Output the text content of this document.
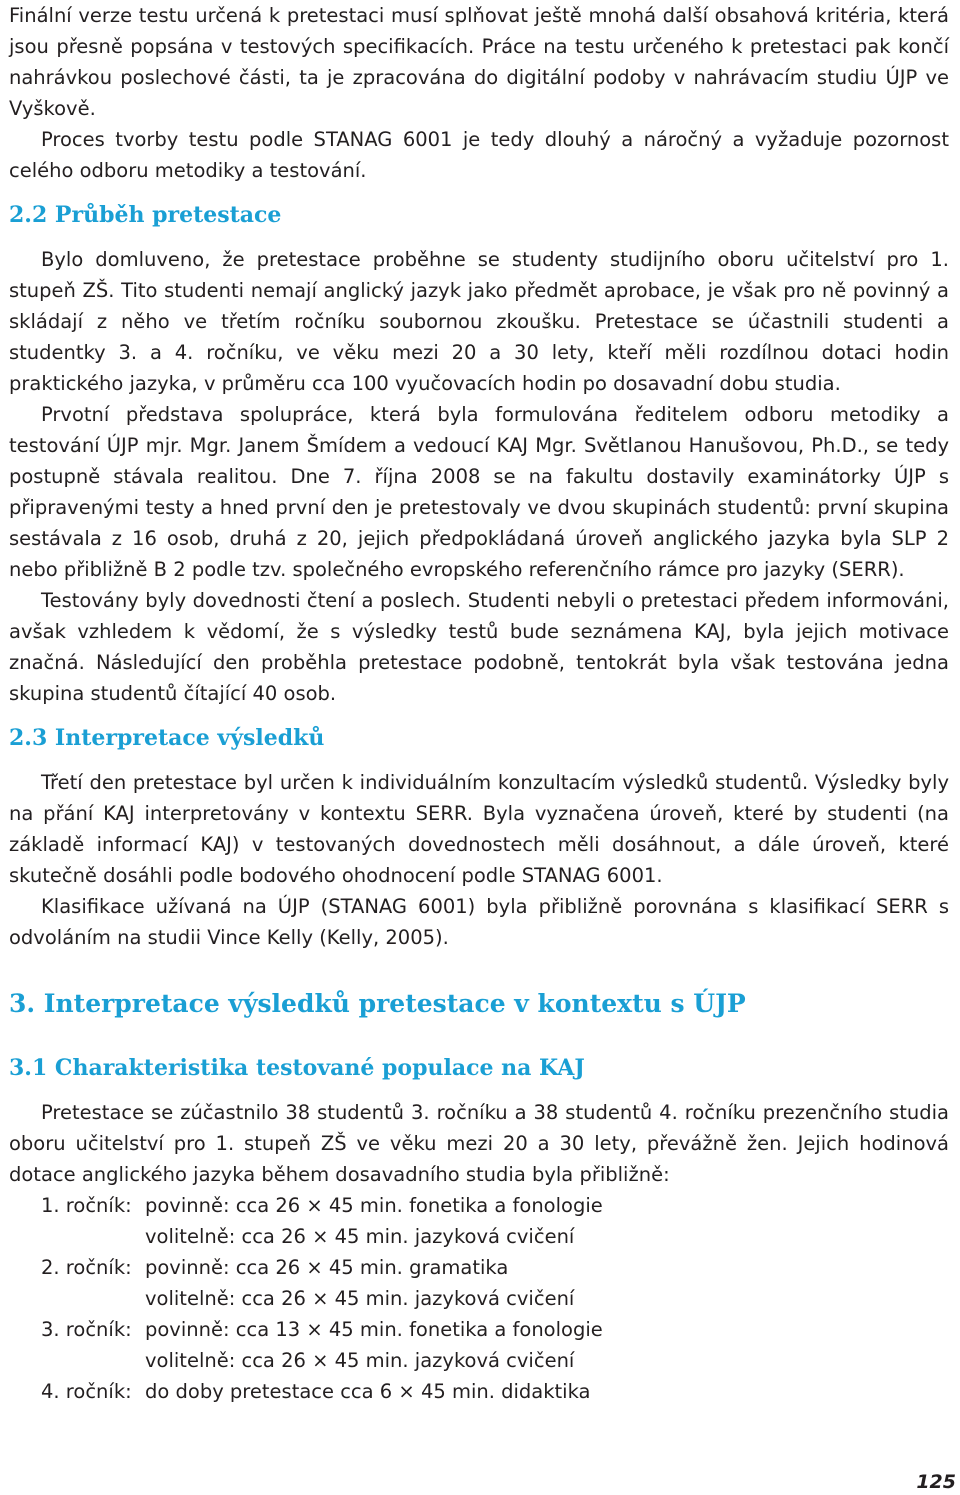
Finální verze testu určená k pretestaci musí splňovat ještě mnohá další obsahová kritéria, která jsou přesně popsána v testových specifikacích. Práce na testu určeného k pretestaci pak končí nahrávkou poslechové části, ta je zpracována do digitální podoby v nahrávacím studiu ÚJP ve Vyškově.

Proces tvorby testu podle STANAG 6001 je tedy dlouhý a náročný a vyžaduje pozornost celého odboru metodiky a testování.

2.2 Průběh pretestace

Bylo domluveno, že pretestace proběhne se studenty studijního oboru učitelství pro 1. stupeň ZŠ. Tito studenti nemají anglický jazyk jako předmět aprobace, je však pro ně povinný a skládají z něho ve třetím ročníku soubornou zkoušku. Pretestace se účastnili studenti a studentky 3. a 4. ročníku, ve věku mezi 20 a 30 lety, kteří měli rozdílnou dotaci hodin praktického jazyka, v průměru cca 100 vyučovacích hodin po dosavadní dobu studia.

Prvotní představa spolupráce, která byla formulována ředitelem odboru metodiky a testování ÚJP mjr. Mgr. Janem Šmídem a vedoucí KAJ Mgr. Světlanou Hanušovou, Ph.D., se tedy postupně stávala realitou. Dne 7. října 2008 se na fakultu dostavily examinátorky ÚJP s připravenými testy a hned první den je pretestovaly ve dvou skupinách studentů: první skupina sestávala z 16 osob, druhá z 20, jejich předpokládaná úroveň anglického jazyka byla SLP 2 nebo přibližně B 2 podle tzv. společného evropského referenčního rámce pro jazyky (SERR).

Testovány byly dovednosti čtení a poslech. Studenti nebyli o pretestaci předem informováni, avšak vzhledem k vědomí, že s výsledky testů bude seznámena KAJ, byla jejich motivace značná. Následující den proběhla pretestace podobně, tentokrát byla však testována jedna skupina studentů čítající 40 osob.

2.3 Interpretace výsledků

Třetí den pretestace byl určen k individuálním konzultacím výsledků studentů. Výsledky byly na přání KAJ interpretovány v kontextu SERR. Byla vyznačena úroveň, které by studenti (na základě informací KAJ) v testovaných dovednostech měli dosáhnout, a dále úroveň, které skutečně dosáhli podle bodového ohodnocení podle STANAG 6001.

Klasifikace užívaná na ÚJP (STANAG 6001) byla přibližně porovnána s klasifikací SERR s odvoláním na studii Vince Kelly (Kelly, 2005).

3. Interpretace výsledků pretestace v kontextu s ÚJP
3.1 Charakteristika testované populace na KAJ

Pretestace se zúčastnilo 38 studentů 3. ročníku a 38 studentů 4. ročníku prezenčního studia oboru učitelství pro 1. stupeň ZŠ ve věku mezi 20 a 30 lety, převážně žen. Jejich hodinová dotace anglického jazyka během dosavadního studia byla přibližně:

1. ročník: povinně: cca 26 × 45 min. fonetika a fonologie
volitelně: cca 26 × 45 min. jazyková cvičení
2. ročník: povinně: cca 26 × 45 min. gramatika
volitelně: cca 26 × 45 min. jazyková cvičení
3. ročník: povinně: cca 13 × 45 min. fonetika a fonologie
volitelně: cca 26 × 45 min. jazyková cvičení
4. ročník: do doby pretestace cca 6 × 45 min. didaktika
125
